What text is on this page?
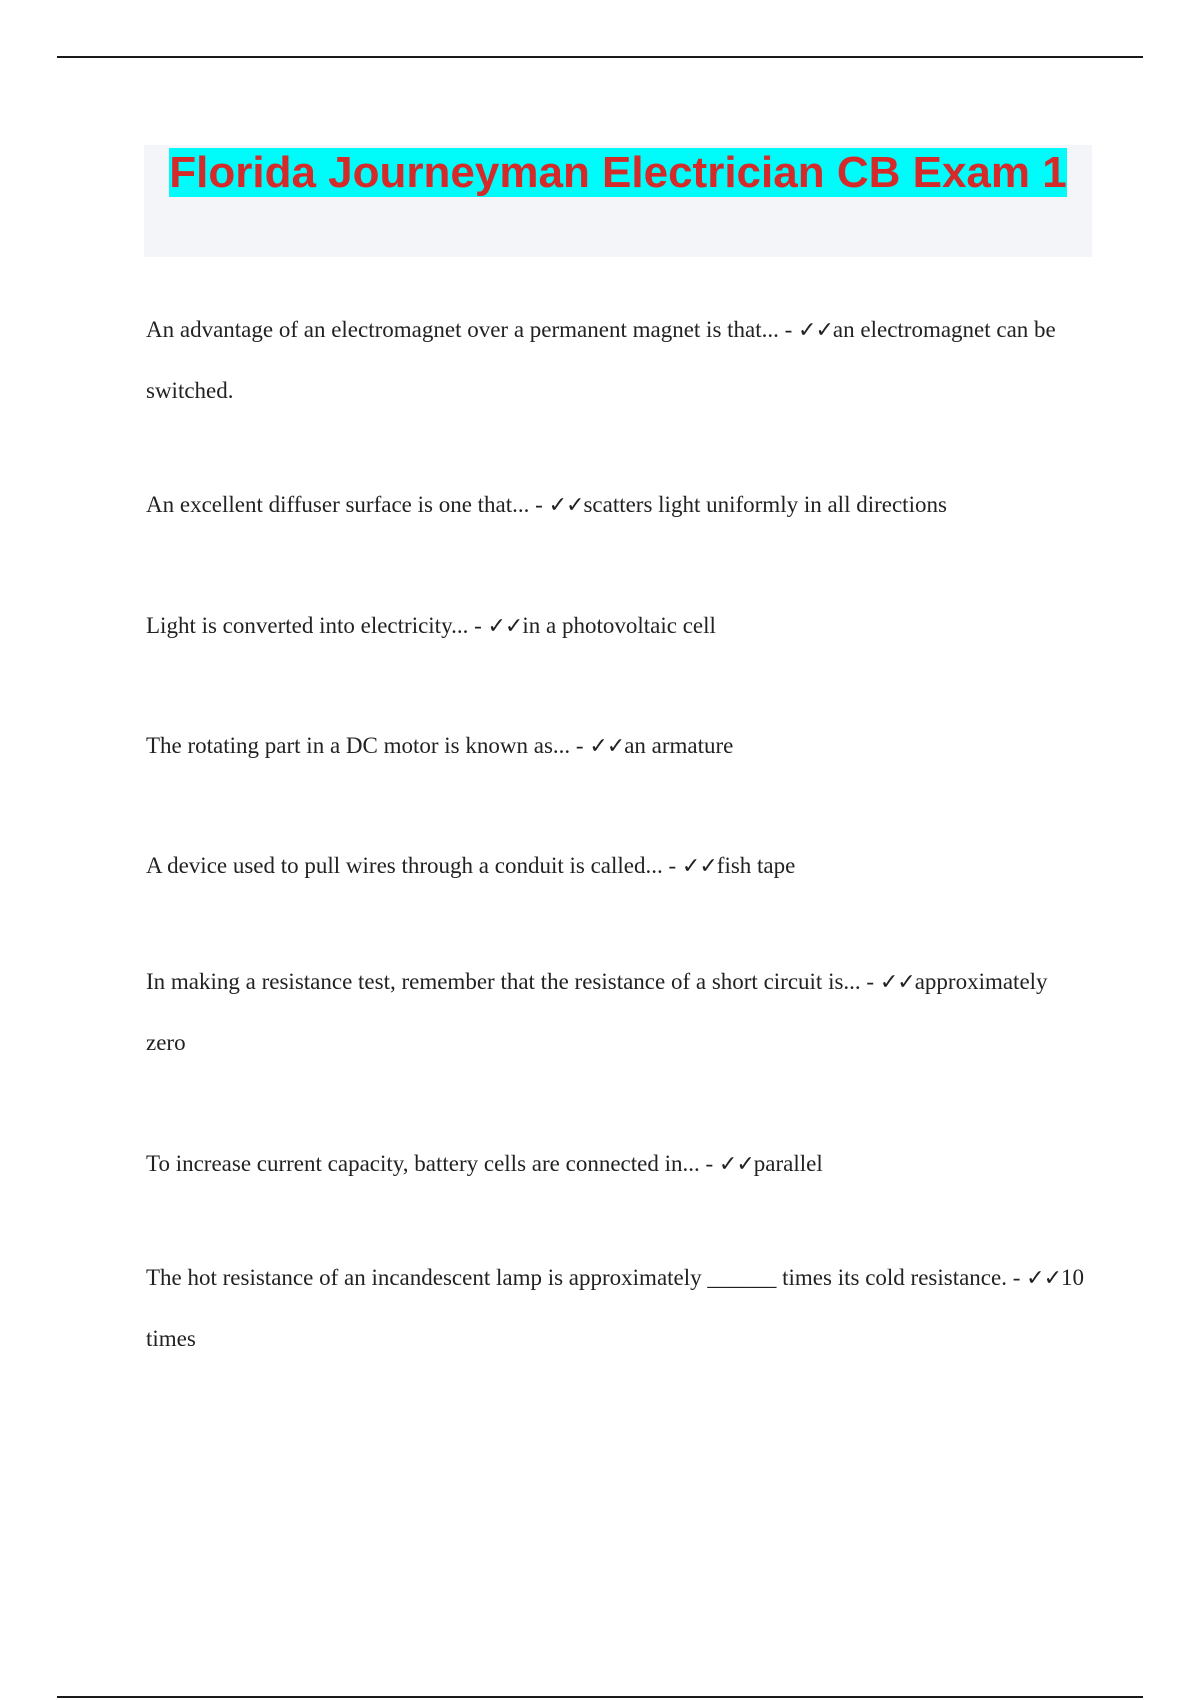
Florida Journeyman Electrician CB Exam 1

An advantage of an electromagnet over a permanent magnet is that... - ✓✓an electromagnet can be switched.

An excellent diffuser surface is one that... - ✓✓scatters light uniformly in all directions

Light is converted into electricity... - ✓✓in a photovoltaic cell

The rotating part in a DC motor is known as... - ✓✓an armature

A device used to pull wires through a conduit is called... - ✓✓fish tape

In making a resistance test, remember that the resistance of a short circuit is... - ✓✓approximately zero

To increase current capacity, battery cells are connected in... - ✓✓parallel

The hot resistance of an incandescent lamp is approximately ______ times its cold resistance. - ✓✓10 times
